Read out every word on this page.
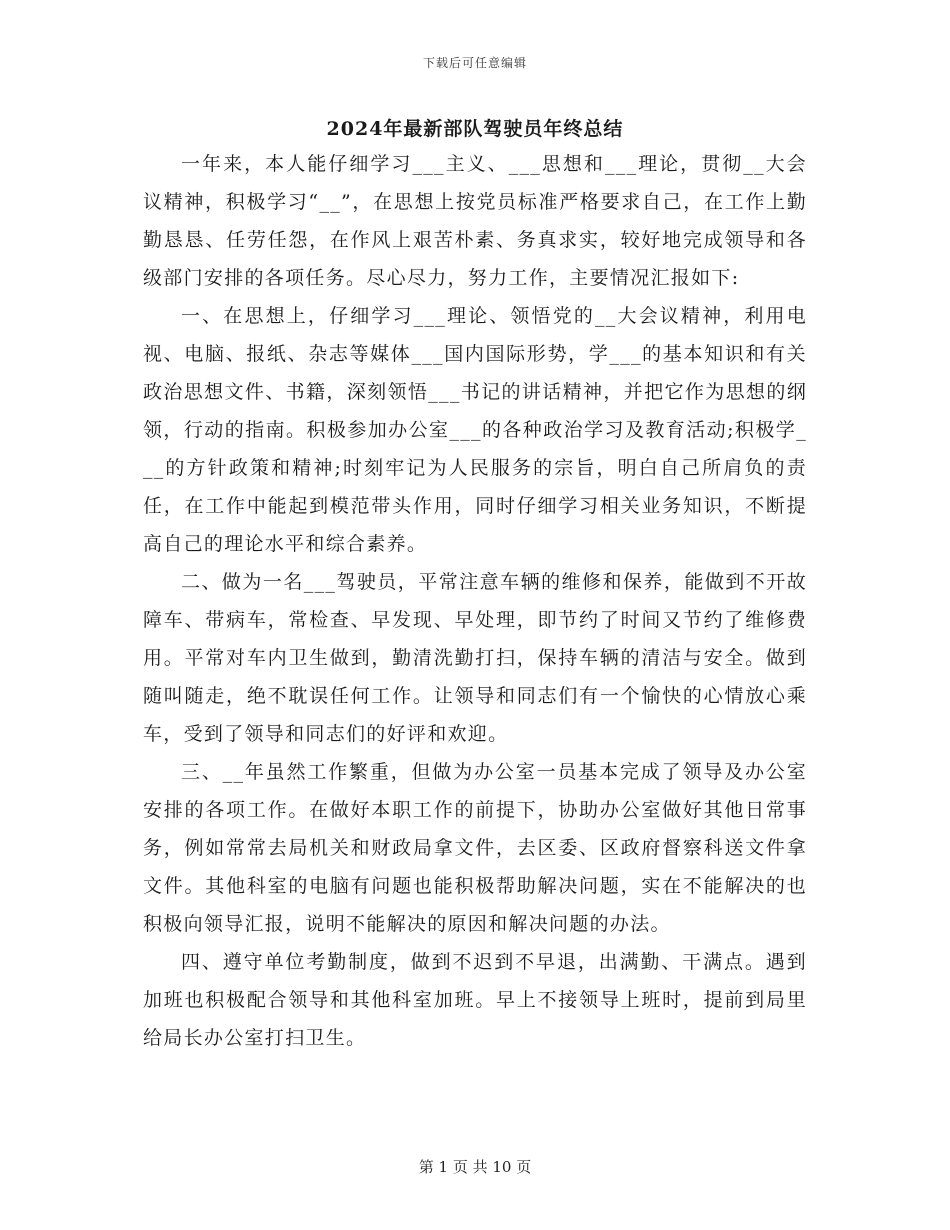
下载后可任意编辑
2024年最新部队驾驶员年终总结

一年来，本人能仔细学习___主义、___思想和___理论，贯彻__大会议精神，积极学习“__”，在思想上按党员标准严格要求自己，在工作上勤勤恳恳、任劳任怨，在作风上艰苦朴素、务真求实，较好地完成领导和各级部门安排的各项任务。尽心尽力，努力工作，主要情况汇报如下:

一、在思想上，仔细学习___理论、领悟党的__大会议精神，利用电视、电脑、报纸、杂志等媒体___国内国际形势，学___的基本知识和有关政治思想文件、书籍，深刻领悟___书记的讲话精神，并把它作为思想的纲领，行动的指南。积极参加办公室___的各种政治学习及教育活动;积极学___的方针政策和精神;时刻牢记为人民服务的宗旨，明白自己所肩负的责任，在工作中能起到模范带头作用，同时仔细学习相关业务知识，不断提高自己的理论水平和综合素养。

二、做为一名___驾驶员，平常注意车辆的维修和保养，能做到不开故障车、带病车，常检查、早发现、早处理，即节约了时间又节约了维修费用。平常对车内卫生做到，勤清洗勤打扫，保持车辆的清洁与安全。做到随叫随走，绝不耽误任何工作。让领导和同志们有一个愉快的心情放心乘车，受到了领导和同志们的好评和欢迎。

三、__年虽然工作繁重，但做为办公室一员基本完成了领导及办公室安排的各项工作。在做好本职工作的前提下，协助办公室做好其他日常事务，例如常常去局机关和财政局拿文件，去区委、区政府督察科送文件拿文件。其他科室的电脑有问题也能积极帮助解决问题，实在不能解决的也积极向领导汇报，说明不能解决的原因和解决问题的办法。

四、遵守单位考勤制度，做到不迟到不早退，出满勤、干满点。遇到加班也积极配合领导和其他科室加班。早上不接领导上班时，提前到局里给局长办公室打扫卫生。

第 1 页 共 10 页
